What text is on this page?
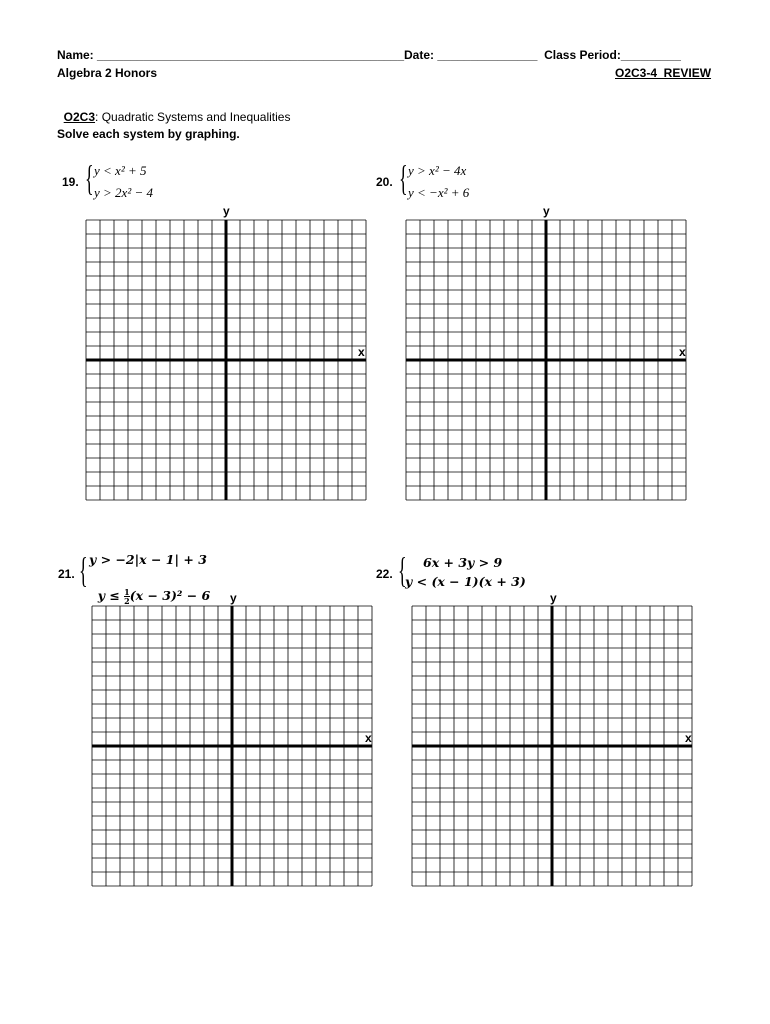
Name: ______________________________________________Date: _______________  Class Period:_________
Algebra 2 Honors	O2C3-4  REVIEW

O2C3: Quadratic Systems and Inequalities

Solve each system by graphing.
19. { y < x² + 5
y > 2x² − 4
y
x
20. { y > x² − 4x
y < −x² + 6
y
x
21. { y > −2|x − 1| + 3

$y \le \frac{1}{2} (x - 3)^2 - 6$ y
x
22. { 6x + 3y > 9
y < (x − 1)(x + 3)
y
x
